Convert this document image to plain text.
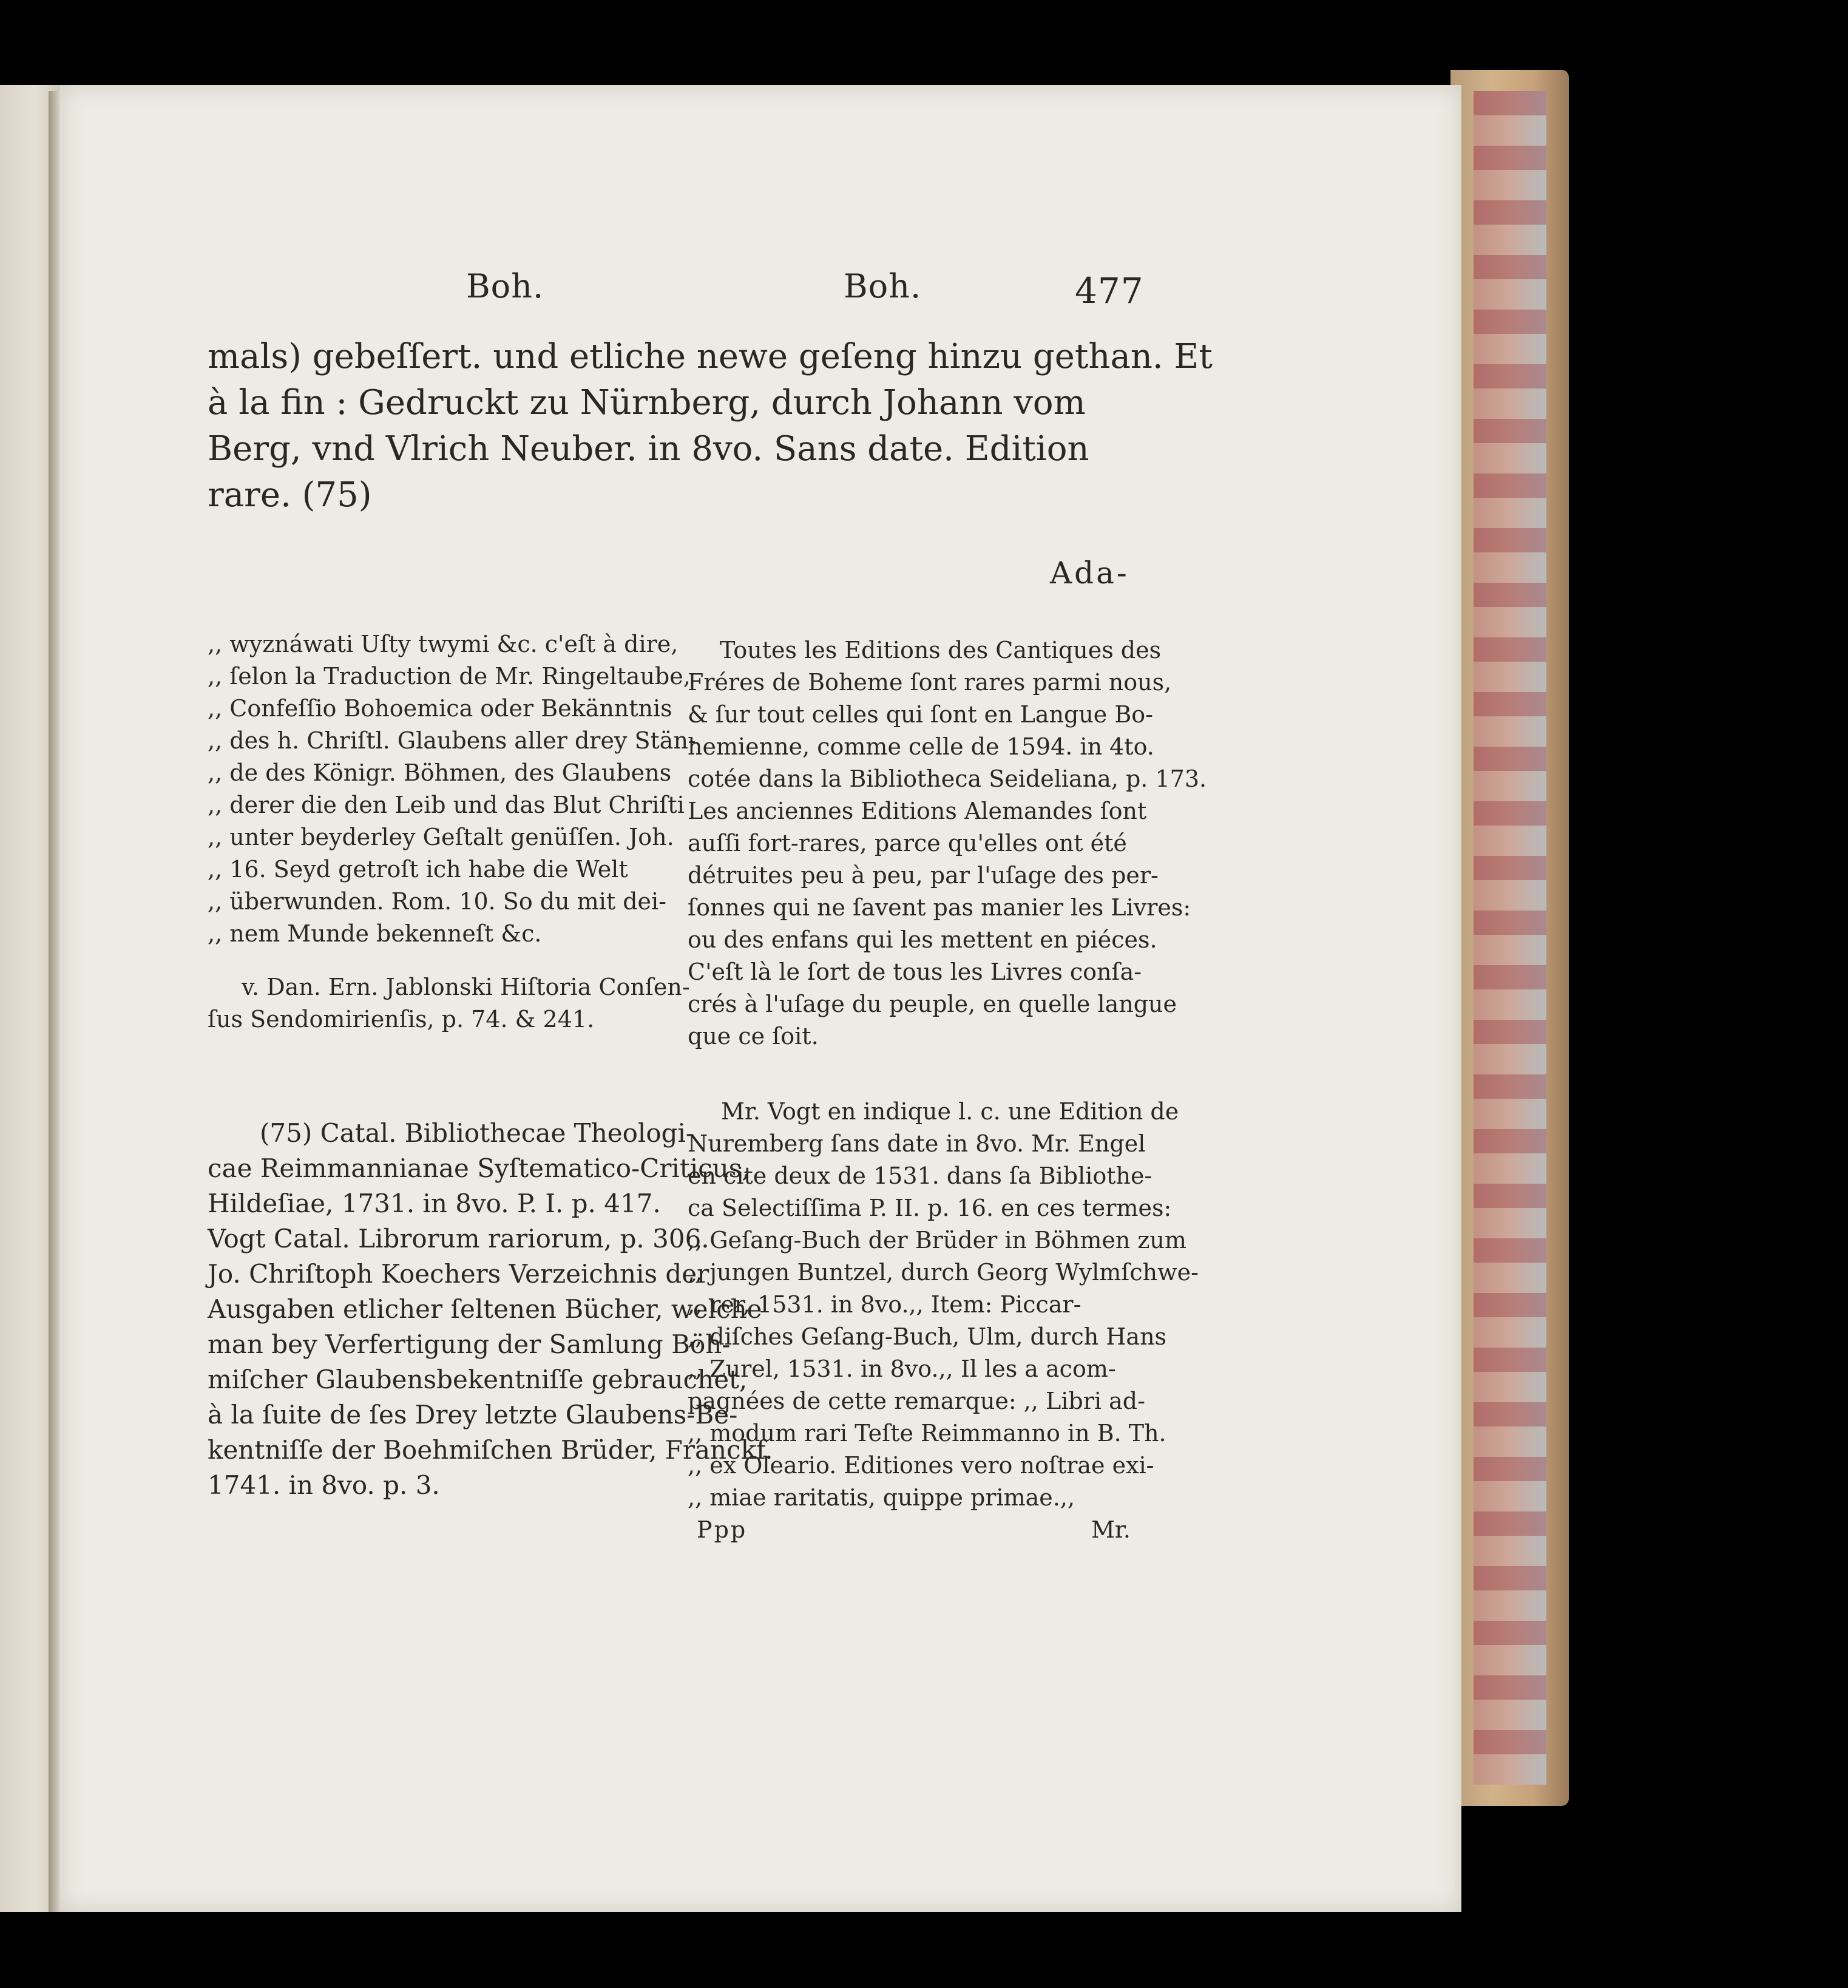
Boh.	Boh.	477
mals) gebeſſert. und etliche newe geſeng hinzu gethan. Et
à la fin : Gedruckt zu Nürnberg, durch Johann vom
Berg, vnd Vlrich Neuber. in 8vo. Sans date. Edition
rare. (75)
Ada-
,, wyznáwati Uſty twymi &c. c'eſt à dire,
,, ſelon la Traduction de Mr. Ringeltaube,
,, Confeſſio Bohoemica oder Bekänntnis
,, des h. Chriſtl. Glaubens aller drey Stän-
,, de des Königr. Böhmen, des Glaubens
,, derer die den Leib und das Blut Chriſti
,, unter beyderley Geſtalt genüſſen. Joh.
,, 16. Seyd getroſt ich habe die Welt
,, überwunden. Rom. 10. So du mit dei-
,, nem Munde bekenneſt &c.
v. Dan. Ern. Jablonski Hiſtoria Conſen-
ſus Sendomirienſis, p. 74. & 241.
(75) Catal. Bibliothecae Theologi-
cae Reimmannianae Syſtematico-Criticus,
Hildeſiae, 1731. in 8vo. P. I. p. 417.
Vogt Catal. Librorum rariorum, p. 306.
Jo. Chriſtoph Koechers Verzeichnis der
Ausgaben etlicher ſeltenen Bücher, welche
man bey Verfertigung der Samlung Böh-
miſcher Glaubensbekentniſſe gebrauchet,
à la ſuite de ſes Drey letzte Glaubens-Be-
kentniſſe der Boehmiſchen Brüder, Franckf.
1741. in 8vo. p. 3.
Toutes les Editions des Cantiques des
Fréres de Boheme ſont rares parmi nous,
& ſur tout celles qui ſont en Langue Bo-
hemienne, comme celle de 1594. in 4to.
cotée dans la Bibliotheca Seideliana, p. 173.
Les anciennes Editions Alemandes ſont
auſſi fort-rares, parce qu'elles ont été
détruites peu à peu, par l'uſage des per-
ſonnes qui ne ſavent pas manier les Livres:
ou des enfans qui les mettent en piéces.
C'eſt là le ſort de tous les Livres conſa-
crés à l'uſage du peuple, en quelle langue
que ce ſoit.
Mr. Vogt en indique l. c. une Edition de
Nuremberg ſans date in 8vo. Mr. Engel
en cite deux de 1531. dans ſa Bibliothe-
ca Selectiſſima P. II. p. 16. en ces termes:
,, Geſang-Buch der Brüder in Böhmen zum
,, jungen Buntzel, durch Georg Wylmſchwe-
,, rer, 1531. in 8vo.,, Item: Piccar-
,, diſches Geſang-Buch, Ulm, durch Hans
,, Zurel, 1531. in 8vo.,, Il les a acom-
pagnées de cette remarque: ,, Libri ad-
,, modum rari Teſte Reimmanno in B. Th.
,, ex Oleario. Editiones vero noſtrae exi-
,, miae raritatis, quippe primae.,,
Ppp	Mr.
